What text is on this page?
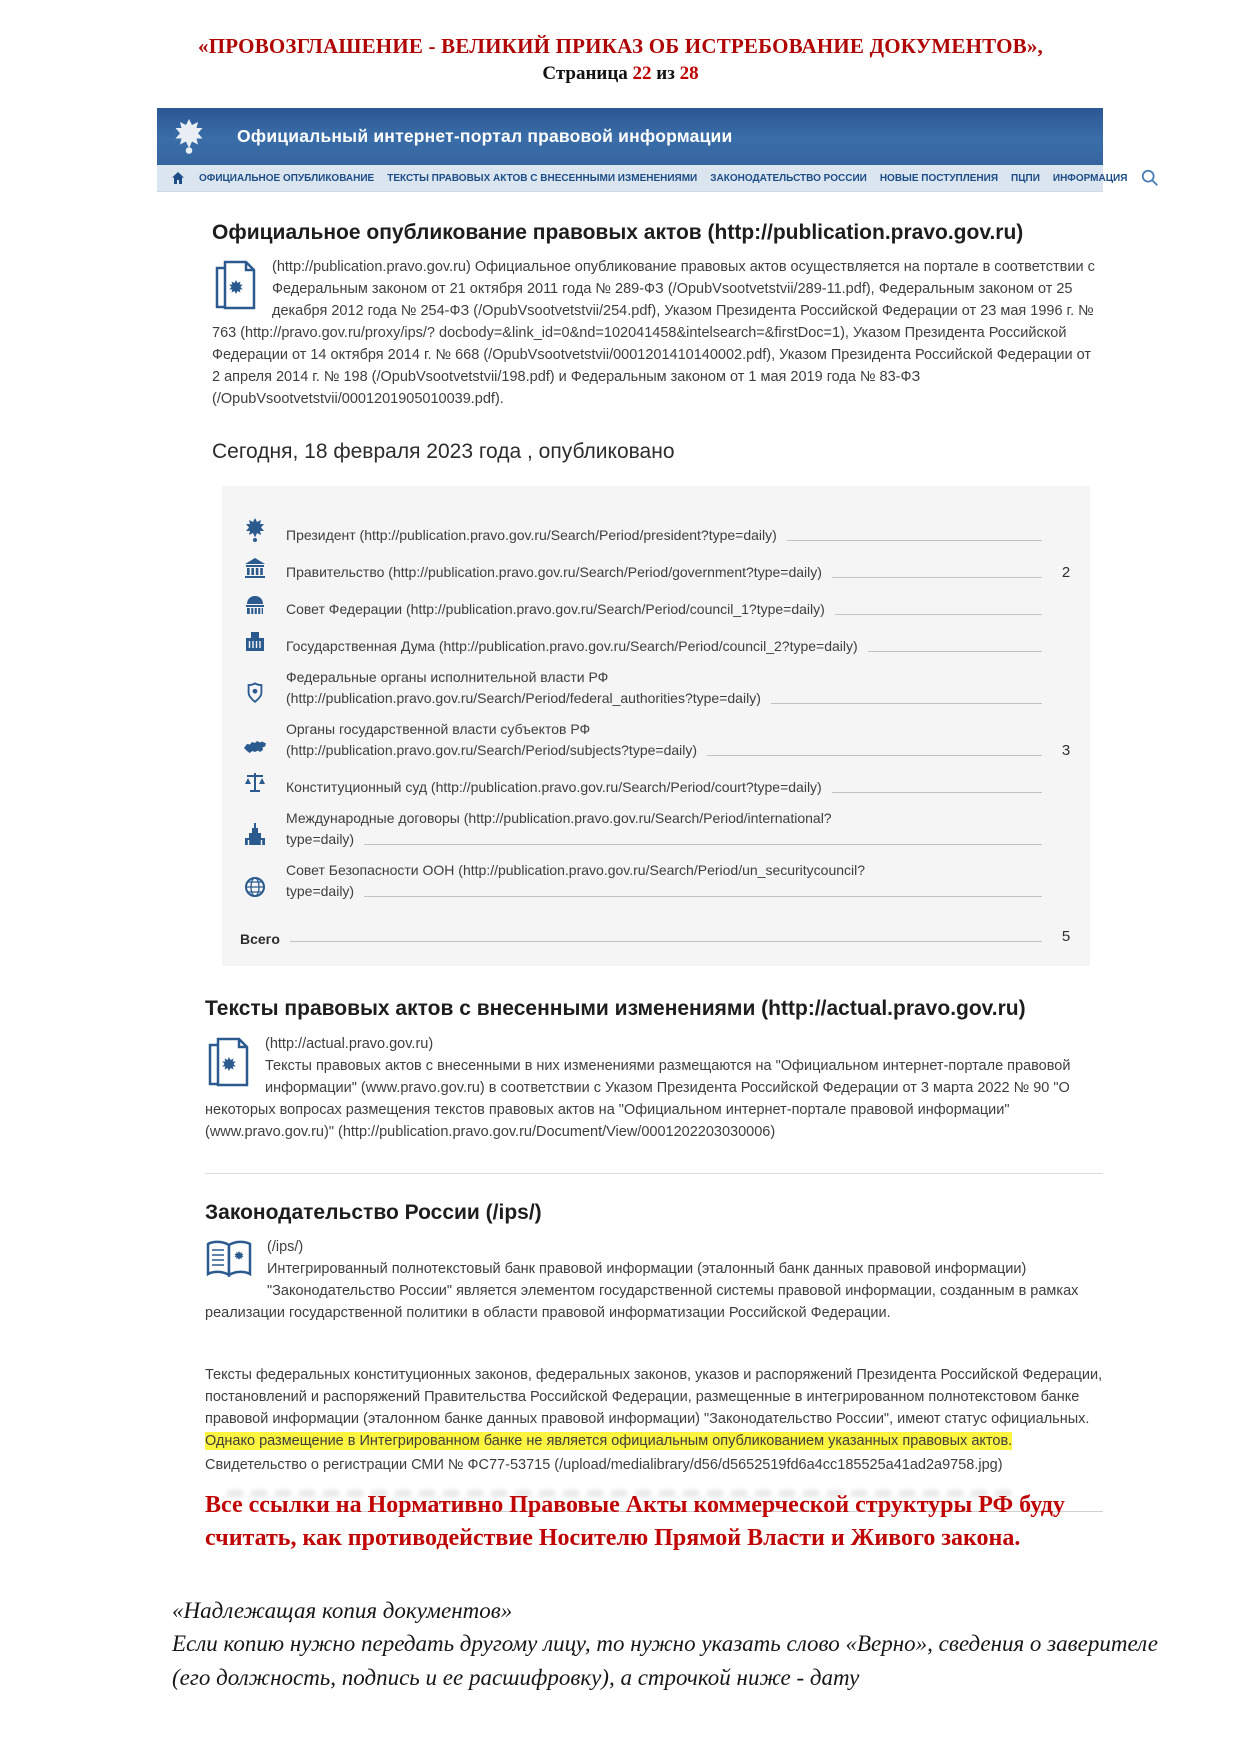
«ПРОВОЗГЛАШЕНИЕ - ВЕЛИКИЙ ПРИКАЗ ОБ ИСТРЕБОВАНИЕ ДОКУМЕНТОВ»,
Страница 22 из 28
Официальный интернет-портал правовой информации
ОФИЦИАЛЬНОЕ ОПУБЛИКОВАНИЕ ТЕКСТЫ ПРАВОВЫХ АКТОВ С ВНЕСЕННЫМИ ИЗМЕНЕНИЯМИ ЗАКОНОДАТЕЛЬСТВО РОССИИ НОВЫЕ ПОСТУПЛЕНИЯ ПЦПИ ИНФОРМАЦИЯ
Официальное опубликование правовых актов (http://publication.pravo.gov.ru)
(http://publication.pravo.gov.ru) Официальное опубликование правовых актов осуществляется на портале в соответствии с Федеральным законом от 21 октября 2011 года № 289-ФЗ (/OpubVsootvetstvii/289-11.pdf), Федеральным законом от 25 декабря 2012 года № 254-ФЗ (/OpubVsootvetstvii/254.pdf), Указом Президента Российской Федерации от 23 мая 1996 г. № 763 (http://pravo.gov.ru/proxy/ips/? docbody=&link_id=0&nd=102041458&intelsearch=&firstDoc=1), Указом Президента Российской Федерации от 14 октября 2014 г. № 668 (/OpubVsootvetstvii/0001201410140002.pdf), Указом Президента Российской Федерации от 2 апреля 2014 г. № 198 (/OpubVsootvetstvii/198.pdf) и Федеральным законом от 1 мая 2019 года № 83-ФЗ (/OpubVsootvetstvii/0001201905010039.pdf).
Сегодня, 18 февраля 2023 года , опубликовано
Президент (http://publication.pravo.gov.ru/Search/Period/president?type=daily)
Правительство (http://publication.pravo.gov.ru/Search/Period/government?type=daily)	2
Совет Федерации (http://publication.pravo.gov.ru/Search/Period/council_1?type=daily)
Государственная Дума (http://publication.pravo.gov.ru/Search/Period/council_2?type=daily)
Федеральные органы исполнительной власти РФ
(http://publication.pravo.gov.ru/Search/Period/federal_authorities?type=daily)
Органы государственной власти субъектов РФ
(http://publication.pravo.gov.ru/Search/Period/subjects?type=daily)	3
Конституционный суд (http://publication.pravo.gov.ru/Search/Period/court?type=daily)
Международные договоры (http://publication.pravo.gov.ru/Search/Period/international?
type=daily)
Совет Безопасности ООН (http://publication.pravo.gov.ru/Search/Period/un_securitycouncil?
type=daily)
Всего	5
Тексты правовых актов с внесенными изменениями (http://actual.pravo.gov.ru)
(http://actual.pravo.gov.ru)
Тексты правовых актов с внесенными в них изменениями размещаются на "Официальном интернет-портале правовой информации" (www.pravo.gov.ru) в соответствии с Указом Президента Российской Федерации от 3 марта 2022 № 90 "О некоторых вопросах размещения текстов правовых актов на "Официальном интернет-портале правовой информации" (www.pravo.gov.ru)" (http://publication.pravo.gov.ru/Document/View/0001202203030006)
Законодательство России (/ips/)
(/ips/)
Интегрированный полнотекстовый банк правовой информации (эталонный банк данных правовой информации) "Законодательство России" является элементом государственной системы правовой информации, созданным в рамках реализации государственной политики в области правовой информатизации Российской Федерации.
Тексты федеральных конституционных законов, федеральных законов, указов и распоряжений Президента Российской Федерации, постановлений и распоряжений Правительства Российской Федерации, размещенные в интегрированном полнотекстовом банке правовой информации (эталонном банке данных правовой информации) "Законодательство России", имеют статус официальных. Однако размещение в Интегрированном банке не является официальным опубликованием указанных правовых актов.
Свидетельство о регистрации СМИ № ФС77-53715 (/upload/medialibrary/d56/d5652519fd6a4cc185525a41ad2a9758.jpg)
Все ссылки на Нормативно Правовые Акты коммерческой структуры РФ буду считать, как противодействие Носителю Прямой Власти и Живого закона.
«Надлежащая копия документов»
Если копию нужно передать другому лицу, то нужно указать слово «Верно», сведения о заверителе (его должность, подпись и ее расшифровку), а строчкой ниже - дату
